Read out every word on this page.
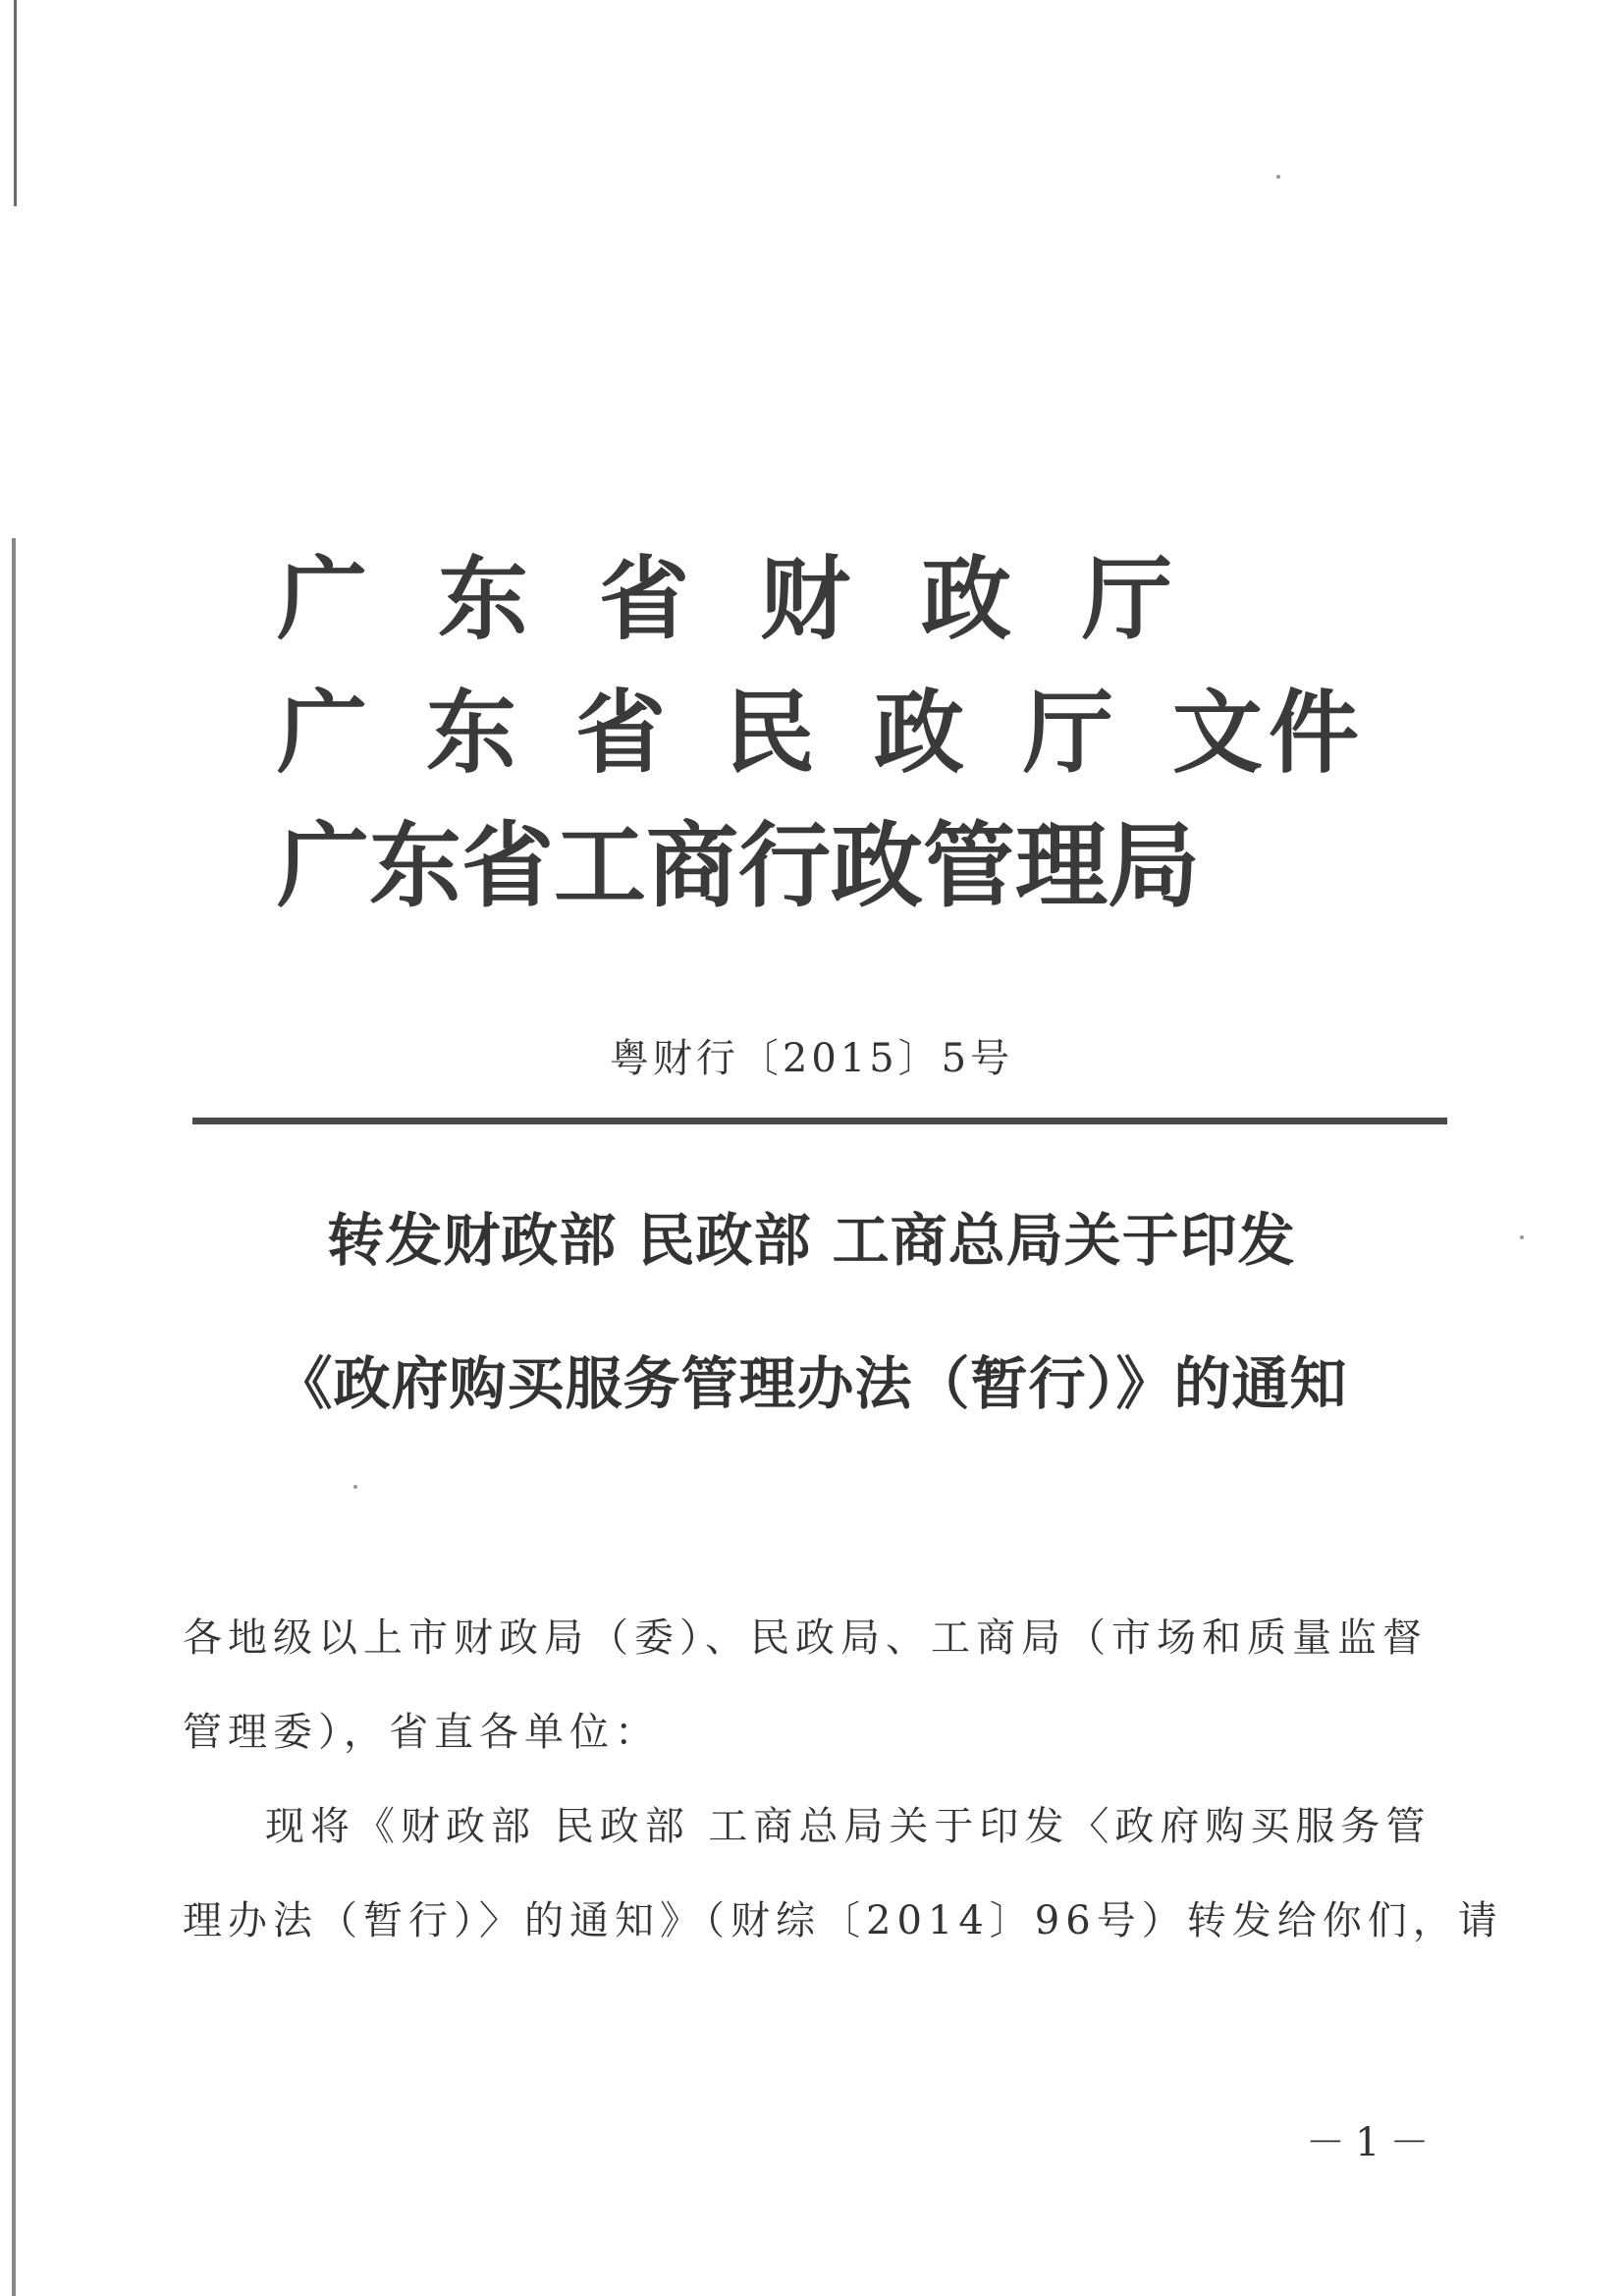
广东省财政厅
广东省民政厅文件
广东省工商行政管理局
粤财行〔2015〕5号
转发财政部 民政部 工商总局关于印发
《政府购买服务管理办法（暂行）》的通知

各地级以上市财政局（委）、民政局、工商局（市场和质量监督

管理委），省直各单位：

现将《财政部 民政部 工商总局关于印发〈政府购买服务管

理办法（暂行）〉的通知》（财综〔2014〕96号）转发给你们，请

－1－
